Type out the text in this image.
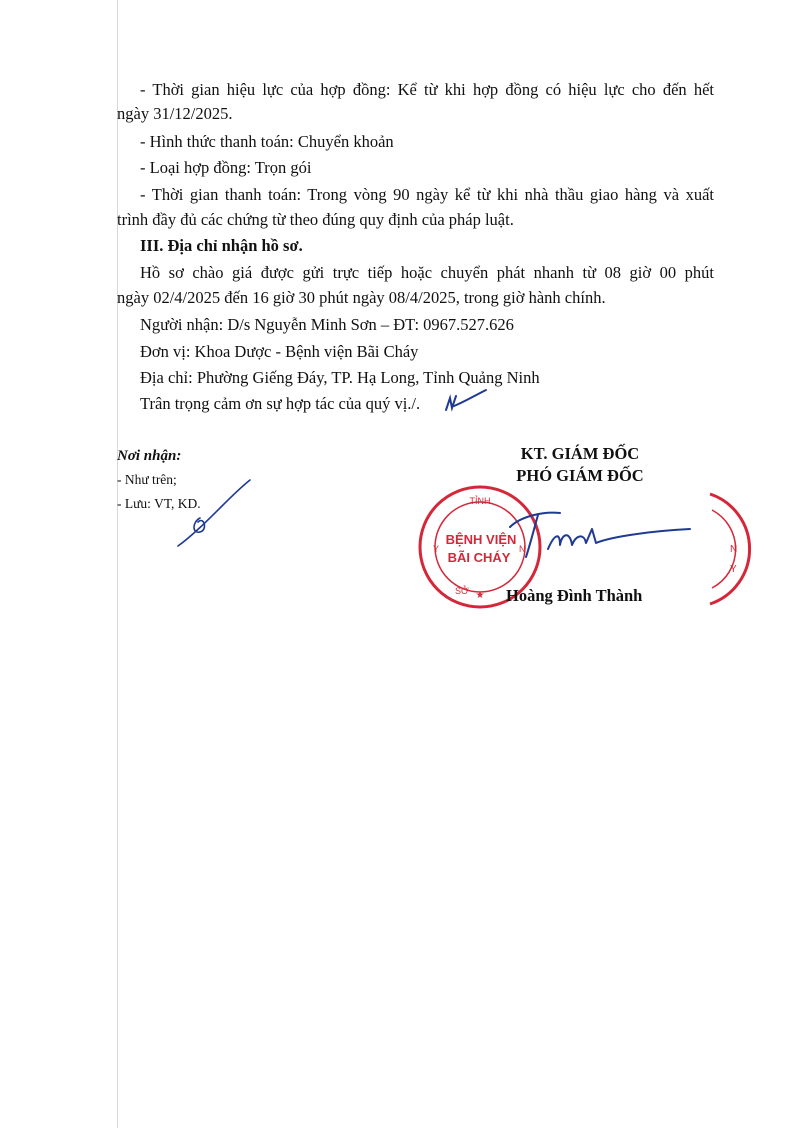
- Thời gian hiệu lực của hợp đồng: Kể từ khi hợp đồng có hiệu lực cho đến hết
ngày 31/12/2025.
- Hình thức thanh toán: Chuyển khoản
- Loại hợp đồng: Trọn gói
- Thời gian thanh toán: Trong vòng 90 ngày kể từ khi nhà thầu giao hàng và xuất
trình đầy đủ các chứng từ theo đúng quy định của pháp luật.
III. Địa chỉ nhận hồ sơ.
Hồ sơ chào giá được gửi trực tiếp hoặc chuyển phát nhanh từ 08 giờ 00 phút
ngày 02/4/2025 đến 16 giờ 30 phút ngày 08/4/2025, trong giờ hành chính.
Người nhận: D/s Nguyễn Minh Sơn – ĐT: 0967.527.626
Đơn vị: Khoa Dược - Bệnh viện Bãi Cháy
Địa chỉ: Phường Giếng Đáy, TP. Hạ Long, Tỉnh Quảng Ninh
Trân trọng cảm ơn sự hợp tác của quý vị./.
Nơi nhận:
- Như trên;
- Lưu: VT, KD.
KT. GIÁM ĐỐC
PHÓ GIÁM ĐỐC
TỈNH
Y
SỞ
N
★
BỆNH VIỆN
BÃI CHÁY
N
Y
Hoàng Đình Thành
